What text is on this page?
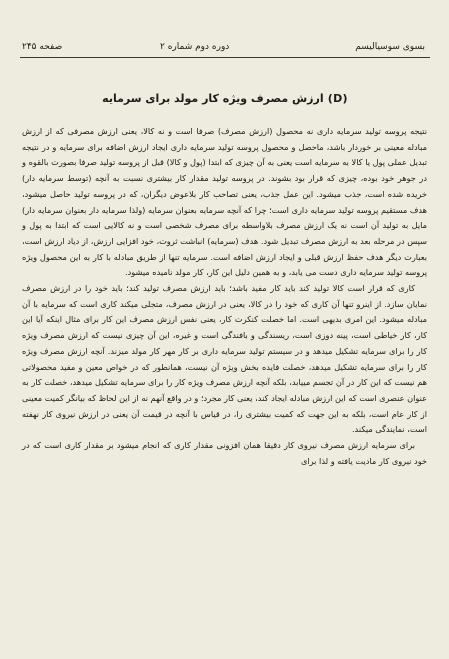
بسوی سوسیالیسم
دوره دوم شماره ۲
صفحه ۲۴۵
(D) ارزش مصرف ویژه کار مولد برای سرمایه

نتیجه پروسه تولید سرمایه داری نه محصول (ارزش مصرف) صرفا است و نه کالا، یعنی ارزش مصرفی که از ارزش مبادله معینی بر خوردار باشد، ماحصل و محصول پروسه تولید سرمایه داری ایجاد ارزش اضافه برای سرمایه و در نتیجه تبدیل عملی پول یا کالا به سرمایه است یعنی به آن چیزی که ابتدا (پول و کالا) قبل از پروسه تولید صرفا بصورت بالقوه و در جوهر خود بوده، چیزی که قرار بود بشوند. در پروسه تولید مقدار کار بیشتری نسبت به آنچه (توسط سرمایه دار) خریده شده است، جذب میشود. این عمل جذب، یعنی تصاحب کار بلاعوض دیگران، که در پروسه تولید حاصل میشود، هدف مستقیم پروسه تولید سرمایه داری است؛ چرا که آنچه سرمایه بعنوان سرمایه (ولذا سرمایه دار بعنوان سرمایه دار) مایل به تولید آن است نه یک ارزش مصرف بلاواسطه برای مصرف شخصی است و نه کالایی است که ابتدا به پول و سپس در مرحله بعد به ارزش مصرف تبدیل شود. هدف (سرمایه) انباشت ثروت، خود افزایی ارزش، از دیاد ارزش است، بعبارت دیگر هدف حفظ ارزش قبلی و ایجاد ارزش اضافه است. سرمایه تنها از طریق مبادله با کار به این محصول ویژه پروسه تولید سرمایه داری دست می یابد، و به همین دلیل این کار، کار مولد نامیده میشود.

کاری که قرار است کالا تولید کند باید کار مفید باشد؛ باید ارزش مصرف تولید کند؛ باید خود را در ارزش مصرف نمایان سازد. از اینرو تنها آن کاری که خود را در کالا، یعنی در ارزش مصرف، متجلی میکند کاری است که سرمایه با آن مبادله میشود. این امری بدیهی است. اما خصلت کنکرت کار، یعنی نفس ارزش مصرف این کار برای مثال اینکه آیا این کار، کار خیاطی است، پینه دوزی است، ریسندگی و بافندگی است و غیره، این آن چیزی نیست که ارزش مصرف ویژه کار را برای سرمایه تشکیل میدهد و در سیستم تولید سرمایه داری بر کار مهر کار مولد میزند. آنچه ارزش مصرف ویژه کار را برای سرمایه تشکیل میدهد، خصلت فایده بخش ویژه آن نیست، همانطور که در خواص معین و مفید محصولاتی هم نیست که این کار در آن تجسم مییابد، بلکه آنچه ارزش مصرف ویژه کار را برای سرمایه تشکیل میدهد، خصلت کار به عنوان عنصری است که این ارزش مبادله ایجاد کند، یعنی کار مجرد؛ و در واقع آنهم نه از این لحاظ که بیانگر کمیت معینی از کار عام است، بلکه به این جهت که کمیت بیشتری را، در قیاس با آنچه در قیمت آن یعنی در ارزش نیروی کار نهفته است، نمایندگی میکند.

برای سرمایه ارزش مصرف نیروی کار دقیقا همان افزونی مقدار کاری که انجام میشود بر مقدار کاری است که در خود نیروی کار مادیت یافته و لذا برای
